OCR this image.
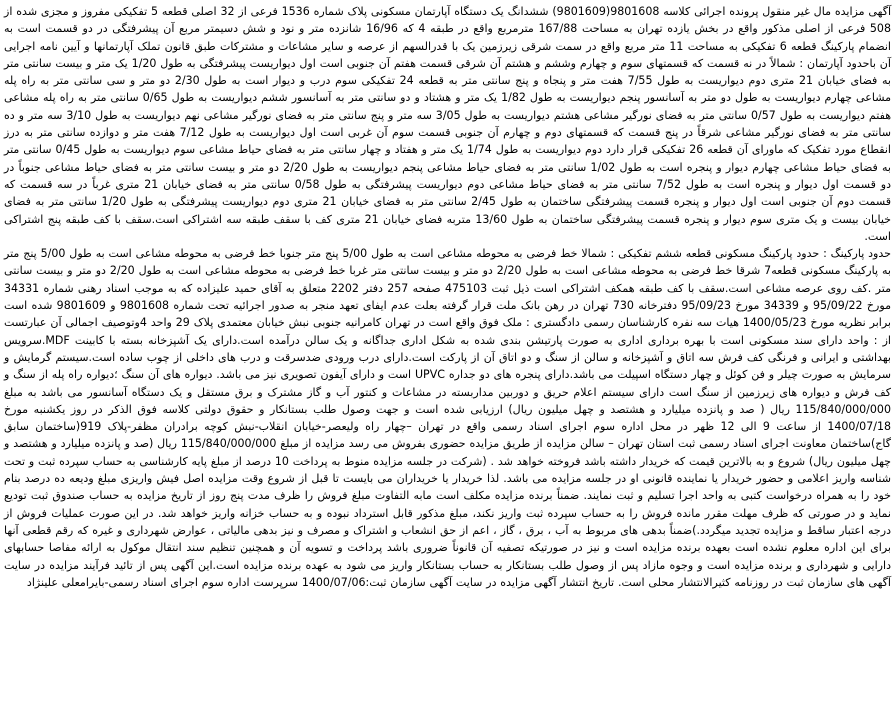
آگهی مزایده مال غیر منقول پرونده اجرائی کلاسه 9801608(9801609) ششدانگ یک دستگاه آپارتمان مسکونی پلاک شماره 1536 فرعی از 32 اصلی قطعه 5 تفکیکی مفروز و مجزی شده از 508 فرعی از اصلی مذکور واقع در بخش یازده تهران به مساحت 167/88 مترمربع واقع در طبقه 4 که 16/96 شانزده متر و نود و شش دسیمتر مربع آن پیشرفتگی در دو قسمت است به انضمام پارکینگ قطعه 6 تفکیکی به مساحت 11 متر مربع واقع در سمت شرقی زیرزمین یک با قدرالسهم از عرصه و سایر مشاعات و مشترکات طبق قانون تملک آپارتمانها و آیین نامه اجرایی آن باحدود آپارتمان : شمالاً در نه قسمت که قسمتهای سوم و چهارم وششم و هشتم آن شرقی قسمت هفتم آن جنوبی است اول دیواریست پیشرفتگی به طول 1/20 یک متر و بیست سانتی متر به فضای خیابان 21 متری دوم دیواریست به طول 7/55 هفت متر و پنجاه و پنج سانتی متر به قطعه 24 تفکیکی سوم درب و دیوار است به طول 2/30 دو متر و سی سانتی متر به راه پله مشاعی چهارم دیواریست به طول دو متر به آسانسور پنجم دیواریست به طول 1/82 یک متر و هشتاد و دو سانتی متر به آسانسور ششم دیواریست به طول 0/65 سانتی متر به راه پله مشاعی هفتم دیواریست به طول 0/57 سانتی متر به فضای نورگیر مشاعی هشتم دیواریست به طول 3/05 سه متر و پنج سانتی متر به فضای نورگیر مشاعی نهم دیواریست به طول 3/10 سه متر و ده سانتی متر به فضای نورگیر مشاعی شرقاً در پنج قسمت که قسمتهای دوم و چهارم آن جنوبی قسمت سوم آن غربی است اول دیواریست به طول 7/12 هفت متر و دوازده سانتی متر به درز انقطاع مورد تفکیک که ماورای آن قطعه 26 تفکیکی قرار دارد دوم دیواریست به طول 1/74 یک متر و هفتاد و چهار سانتی متر به فضای حیاط مشاعی سوم دیواریست به طول 0/45 سانتی متر به فضای حیاط مشاعی چهارم دیوار و پنجره است به طول 1/02 سانتی متر به فضای حیاط مشاعی پنجم دیواریست به طول 2/20 دو متر و بیست سانتی متر به فضای حیاط مشاعی جنوباً در دو قسمت اول دیوار و پنجره است به طول 7/52 سانتی متر به فضای حیاط مشاعی دوم دیواریست پیشرفتگی به طول 0/58 سانتی متر به فضای خیابان 21 متری غرباً در سه قسمت که قسمت دوم آن جنوبی است اول دیوار و پنجره قسمت پیشرفتگی ساختمان به طول 2/45 سانتی متر به فضای خیابان 21 متری دوم دیواریست پیشرفتگی به طول 1/20 سانتی متر به فضای خیابان بیست و یک متری سوم دیوار و پنجره قسمت پیشرفتگی ساختمان به طول 13/60 متربه فضای خیابان 21 متری کف با سقف طبقه سه اشتراکی است.سقف با کف طبقه پنج اشتراکی است.

حدود پارکینگ : حدود پارکینگ مسکونی قطعه ششم تفکیکی : شمالا خط فرضی به محوطه مشاعی است به طول 5/00 پنج متر جنوبا خط فرضی به محوطه مشاعی است به طول 5/00 پنج متر به پارکینگ مسکونی قطعه7 شرقا خط فرضی به محوطه مشاعی است به طول 2/20 دو متر و بیست سانتی متر غربا خط فرضی به محوطه مشاعی است به طول 2/20 دو متر و بیست سانتی متر .کف روی عرصه مشاعی است.سقف با کف طبقه همکف اشتراکی است ذیل ثبت 475103 صفحه 257 دفتر 2202 متعلق به آقای حمید علیزاده که به موجب اسناد رهنی شماره 34331 مورخ 95/09/22 و 34339 مورخ 95/09/23 دفترخانه 730 تهران در رهن بانک ملت قرار گرفته بعلت عدم ایفای تعهد منجر به صدور اجرائیه تحت شماره 9801608 و 9801609 شده است برابر نظریه مورخ 1400/05/23 هیات سه نفره کارشناسان رسمی دادگستری : ملک فوق واقع است در تهران کامرانیه جنوبی نبش خیابان معتمدی پلاک 29 واحد 4وتوصیف اجمالی آن عبارتست از : واحد دارای سند مسکونی است با بهره برداری اداری به صورت پارتیشن بندی شده به شکل اداری جداگانه و یک سالن درآمده است.دارای یک آشپزخانه بسته با کابینت MDF.سرویس بهداشتی و ایرانی و فرنگی کف فرش سه اتاق و آشپزخانه و سالن از سنگ و دو اتاق آن از پارکت است.دارای درب ورودی ضدسرقت و درب های داخلی از چوب ساده است.سیستم گرمایش و سرمایش به صورت چیلر و فن کوئل و چهار دستگاه اسپیلت می باشد.دارای پنجره های دو جداره UPVC است و دارای آیفون تصویری نیز می باشد. دیواره های آن سنگ ؛دیواره راه پله از سنگ و کف فرش و دیواره های زیرزمین از سنگ است دارای سیستم اعلام حریق و دوربین مداربسته در مشاعات و کنتور آب و گاز مشترک و برق مستقل و یک دستگاه آسانسور می باشد به مبلغ 115/840/000/000 ریال ( صد و پانزده میلیارد و هشتصد و چهل میلیون ریال) ارزیابی شده است و جهت وصول طلب بستانکار و حقوق دولتی کلاسه فوق الذکر در روز یکشنبه مورخ 1400/07/18 از ساعت 9 الی 12 ظهر در محل اداره سوم اجرای اسناد رسمی واقع در تهران –چهار راه ولیعصر-خیابان انقلاب-نبش کوچه برادران مظفر-پلاک 919(ساختمان سابق گاج)ساختمان معاونت اجرای اسناد رسمی ثبت استان تهران – سالن مزایده از طریق مزایده حضوری بفروش می رسد مزایده از مبلغ 115/840/000/000 ریال (صد و پانزده میلیارد و هشتصد و چهل میلیون ریال) شروع و به بالاترین قیمت که خریدار داشته باشد فروخته خواهد شد . (شرکت در جلسه مزایده منوط به پرداخت 10 درصد از مبلغ پایه کارشناسی به حساب سپرده ثبت و تحت شناسه واریز اعلامی و حضور خریدار یا نماینده قانونی او در جلسه مزایده می باشد. لذا خریدار یا خریداران می بایست تا قبل از شروع وقت مزایده اصل فیش واریزی مبلغ ودیعه ده درصد بنام خود را به همراه درخواست کتبی به واحد اجرا تسلیم و ثبت نمایند. ضمناً برنده مزایده مکلف است مابه التفاوت مبلغ فروش را ظرف مدت پنج روز از تاریخ مزایده به حساب صندوق ثبت تودیع نماید و در صورتی که ظرف مهلت مقرر مانده فروش را به حساب سپرده ثبت واریز نکند، مبلغ مذکور قابل استرداد نبوده و به حساب خزانه واریز خواهد شد. در این صورت عملیات فروش از درجه اعتبار ساقط و مزایده تجدید میگردد.)ضمناً بدهی های مربوط به آب ، برق ، گاز ، اعم از حق انشعاب و اشتراک و مصرف و نیز بدهی مالیاتی ، عوارض شهرداری و غیره که رقم قطعی آنها برای این اداره معلوم نشده است بعهده برنده مزایده است و نیز در صورتیکه تصفیه آن قانوناً ضروری باشد پرداخت و تسویه آن و همچنین تنظیم سند انتقال موکول به ارائه مفاصا حسابهای دارایی و شهرداری و برنده مزایده است و وجوه مازاد پس از وصول طلب بستانکار به حساب بستانکار واریز می شود به عهده برنده مزایده است.این آگهی پس از تائید فرآیند مزایده در سایت آگهی های سازمان ثبت در روزنامه کثیرالانتشار محلی است. تاریخ انتشار آگهی مزایده در سایت آگهی سازمان ثبت:1400/07/06 سرپرست اداره سوم اجرای اسناد رسمی-بایرامعلی علینژاد
